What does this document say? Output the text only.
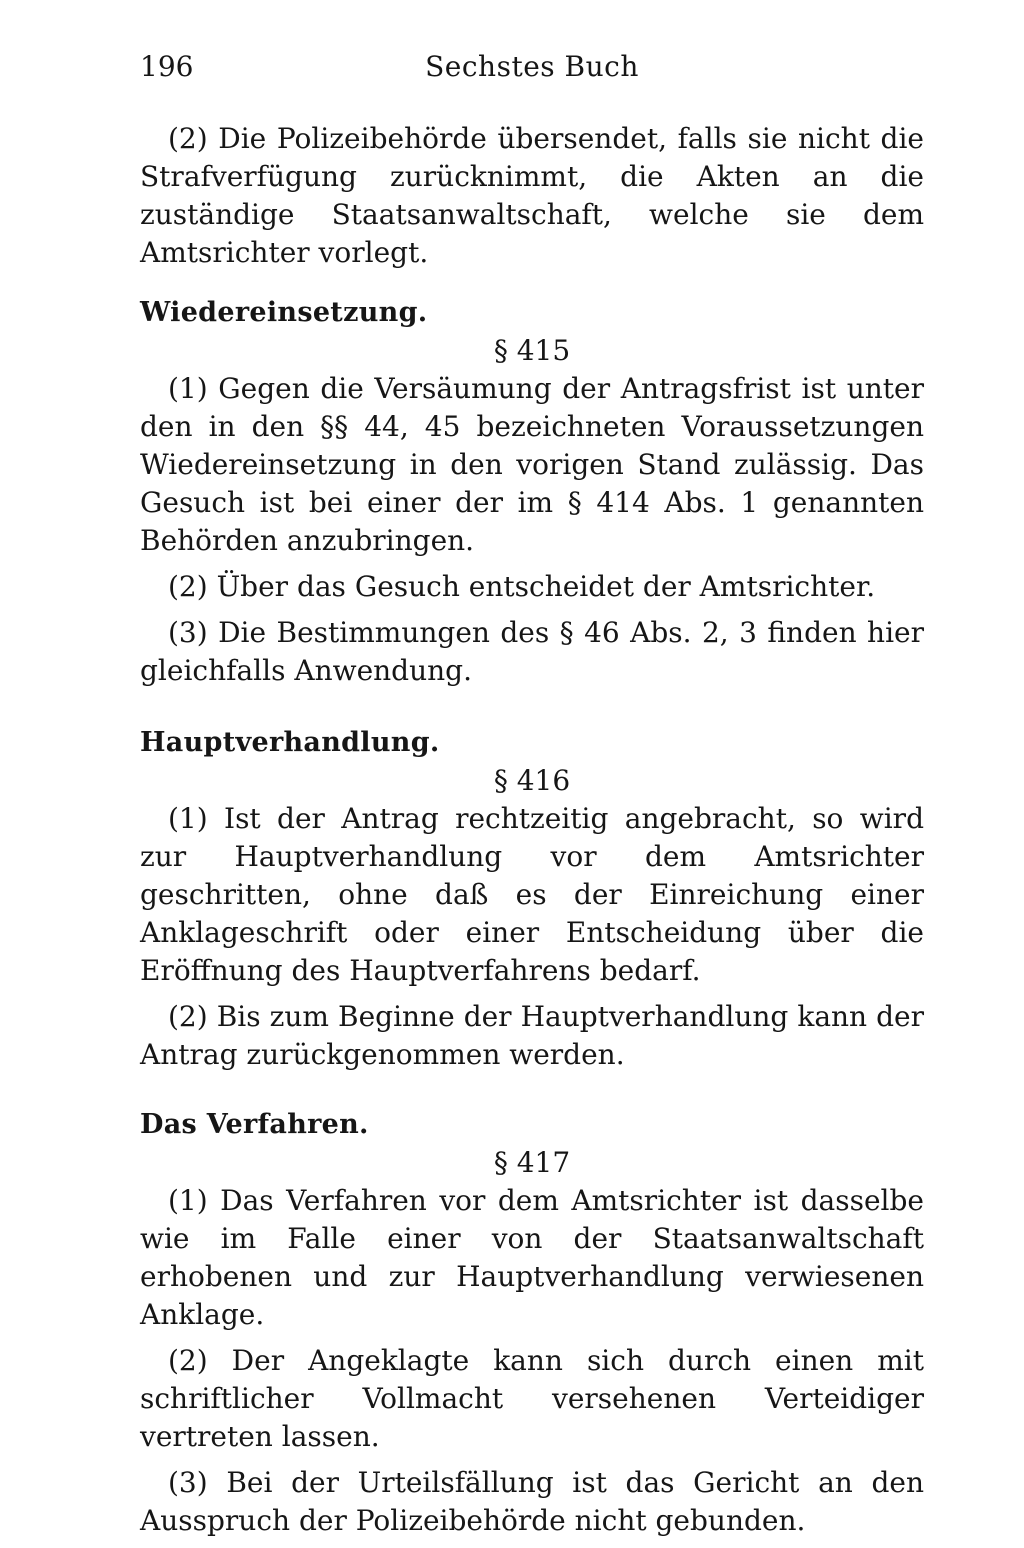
196	Sechstes Buch

(2) Die Polizeibehörde übersendet, falls sie nicht die Strafverfügung zurücknimmt, die Akten an die zuständige Staatsanwaltschaft, welche sie dem Amtsrichter vorlegt.

Wiedereinsetzung.

§ 415

(1) Gegen die Versäumung der Antragsfrist ist unter den in den §§ 44, 45 bezeichneten Voraussetzungen Wiedereinsetzung in den vorigen Stand zulässig. Das Gesuch ist bei einer der im § 414 Abs. 1 genannten Behörden anzubringen.

(2) Über das Gesuch entscheidet der Amtsrichter.

(3) Die Bestimmungen des § 46 Abs. 2, 3 finden hier gleichfalls Anwendung.

Hauptverhandlung.

§ 416

(1) Ist der Antrag rechtzeitig angebracht, so wird zur Hauptverhandlung vor dem Amtsrichter geschritten, ohne daß es der Einreichung einer Anklageschrift oder einer Entscheidung über die Eröffnung des Hauptverfahrens bedarf.

(2) Bis zum Beginne der Hauptverhandlung kann der Antrag zurückgenommen werden.

Das Verfahren.

§ 417

(1) Das Verfahren vor dem Amtsrichter ist dasselbe wie im Falle einer von der Staatsanwaltschaft erhobenen und zur Hauptverhandlung verwiesenen Anklage.

(2) Der Angeklagte kann sich durch einen mit schriftlicher Vollmacht versehenen Verteidiger vertreten lassen.

(3) Bei der Urteilsfällung ist das Gericht an den Ausspruch der Polizeibehörde nicht gebunden.
